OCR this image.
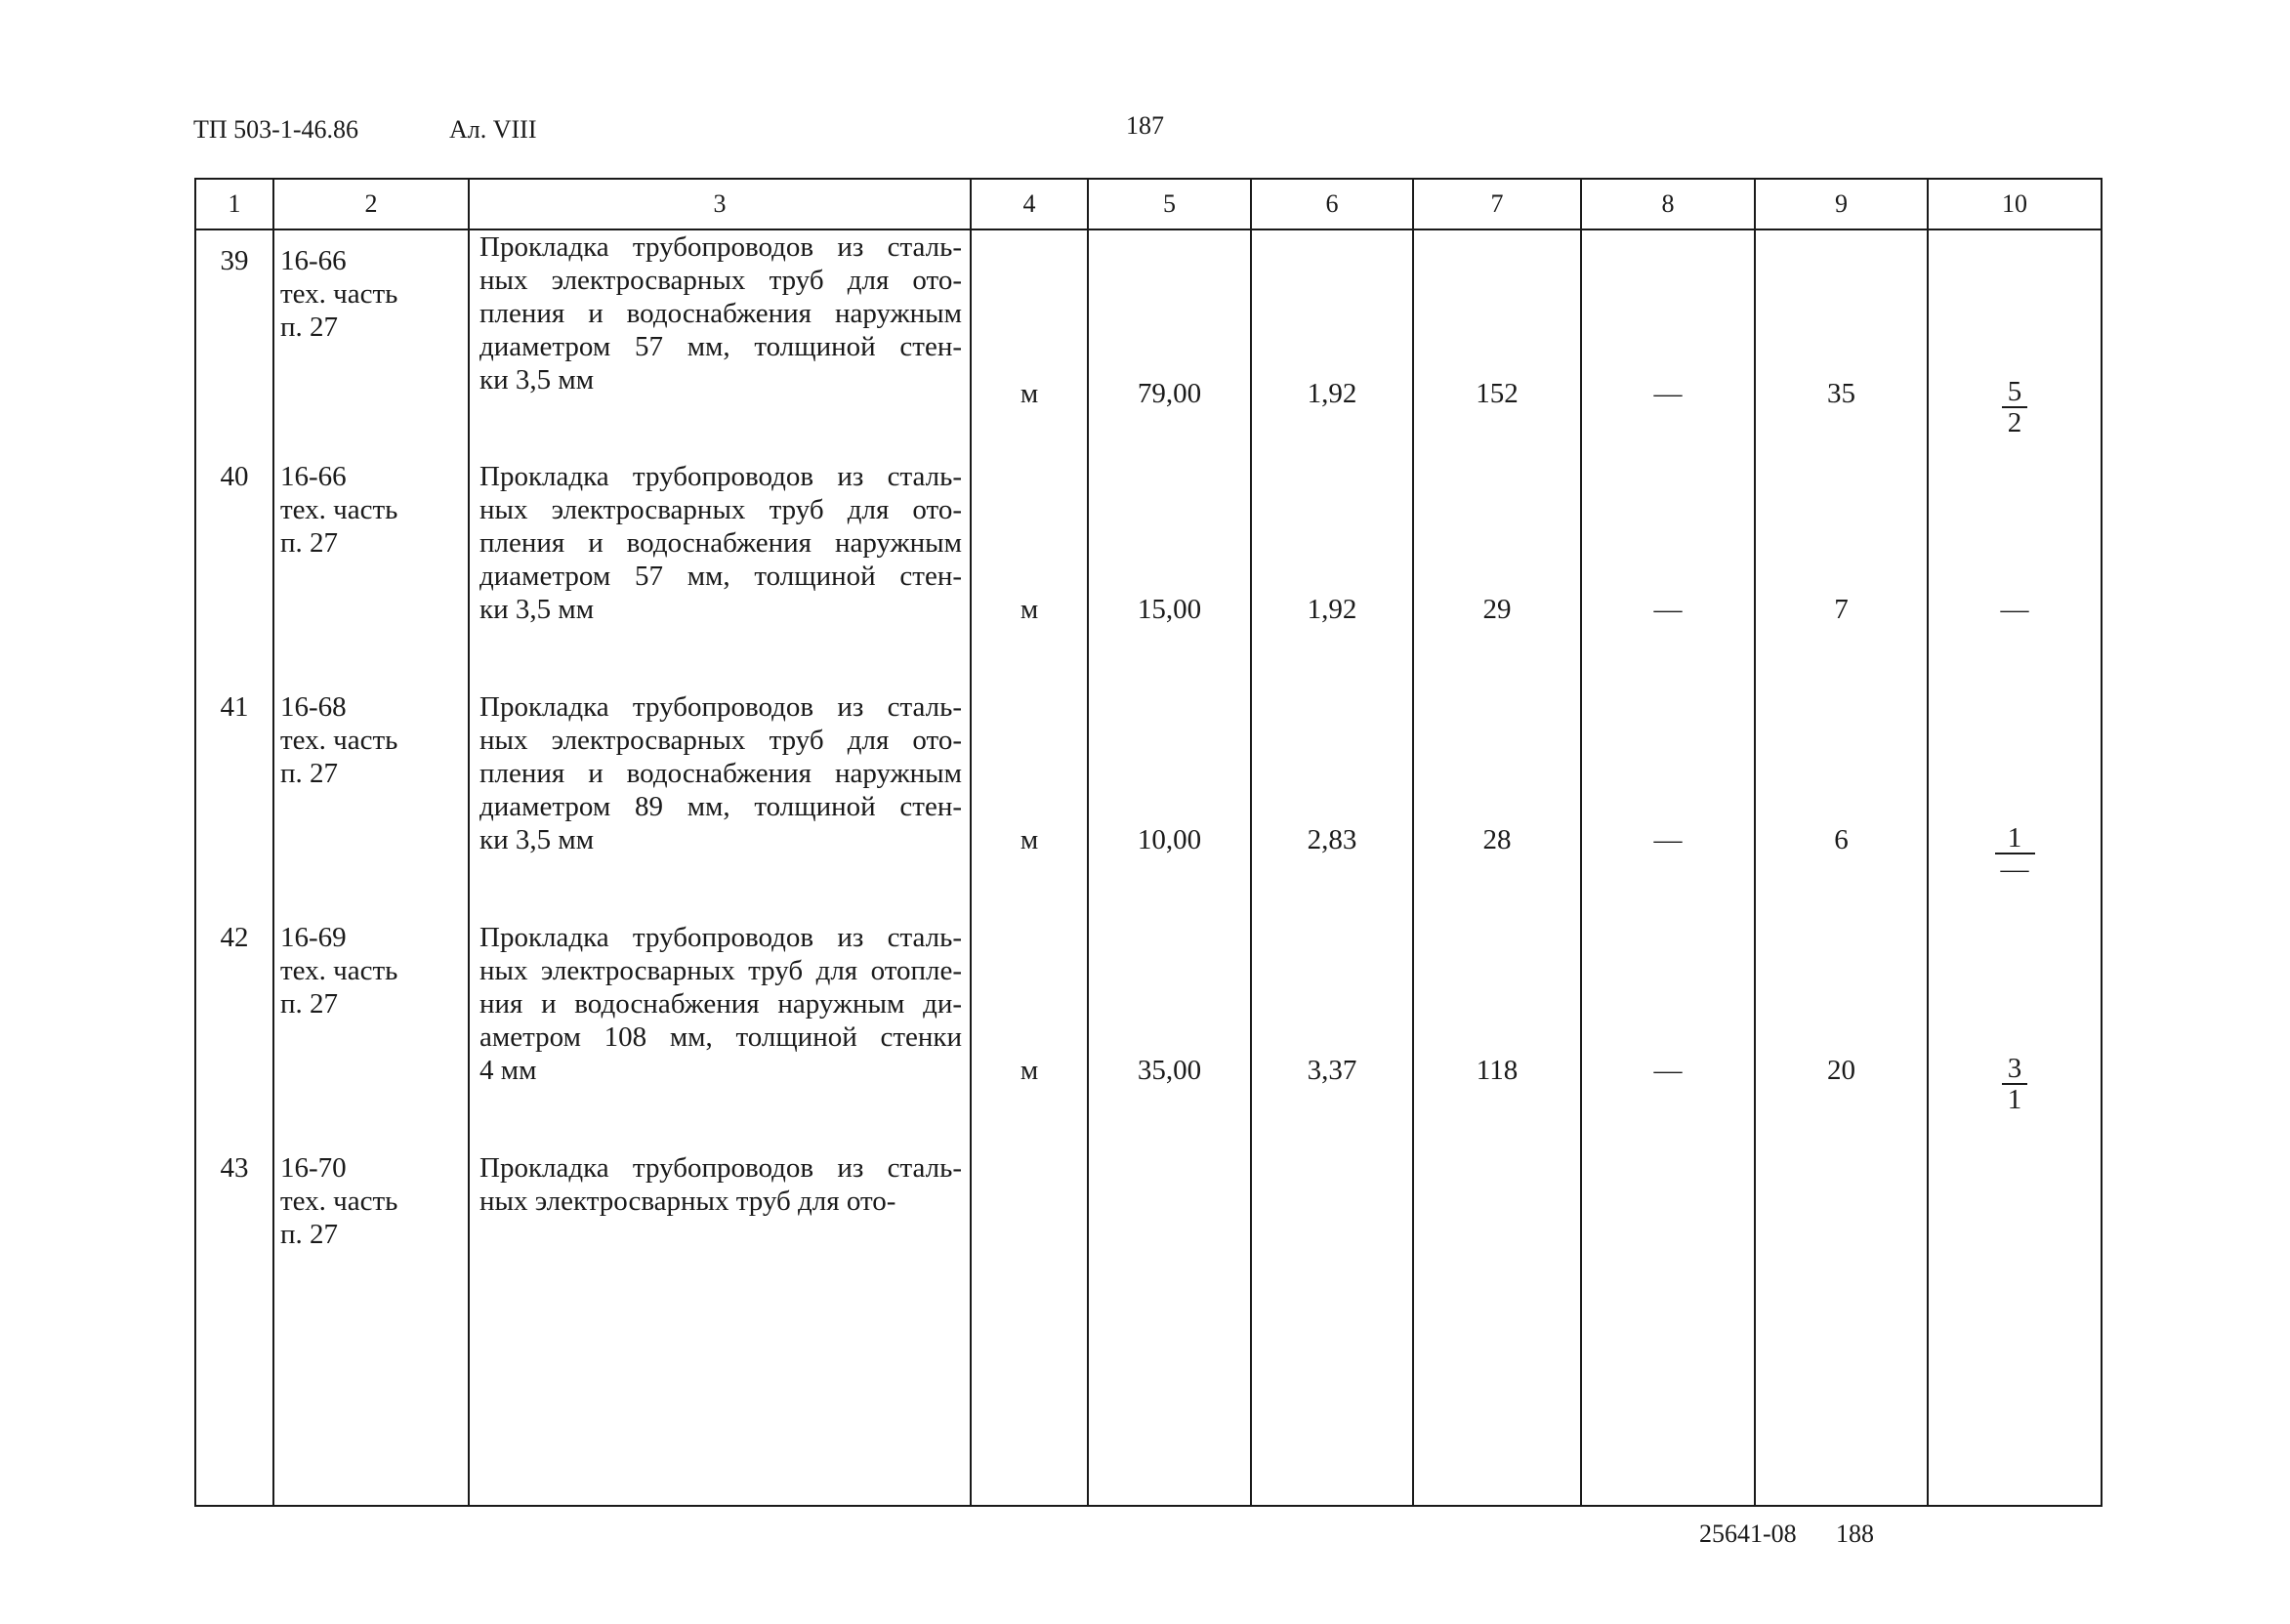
ТП 503-1-46.86	Ал. VIII	187
1	2	3	4	5	6	7	8	9	10
39	16-66
тех. часть
п. 27	Прокладка трубопроводов из сталь-
ных электросварных труб для ото-
пления и водоснабжения наружным
диаметром 57 мм, толщиной стен-
ки 3,5 мм	м	79,00	1,92	152	—	35	$\frac{5}{2}$

40	16-66
тех. часть
п. 27	Прокладка трубопроводов из сталь-
ных электросварных труб для ото-
пления и водоснабжения наружным
диаметром 57 мм, толщиной стен-
ки 3,5 мм	м	15,00	1,92	29	—	7	—

41	16-68
тех. часть
п. 27	Прокладка трубопроводов из сталь-
ных электросварных труб для ото-
пления и водоснабжения наружным
диаметром 89 мм, толщиной стен-
ки 3,5 мм	м	10,00	2,83	28	—	6	$\frac{1}{—}$

42	16-69
тех. часть
п. 27	Прокладка трубопроводов из сталь-
ных электросварных труб для отопле-
ния и водоснабжения наружным ди-
аметром 108 мм, толщиной стенки
4 мм	м	35,00	3,37	118	—	20	$\frac{3}{1}$

43	16-70
тех. часть
п. 27	Прокладка трубопроводов из сталь-
ных электросварных труб для ото-							

25641-08 188
